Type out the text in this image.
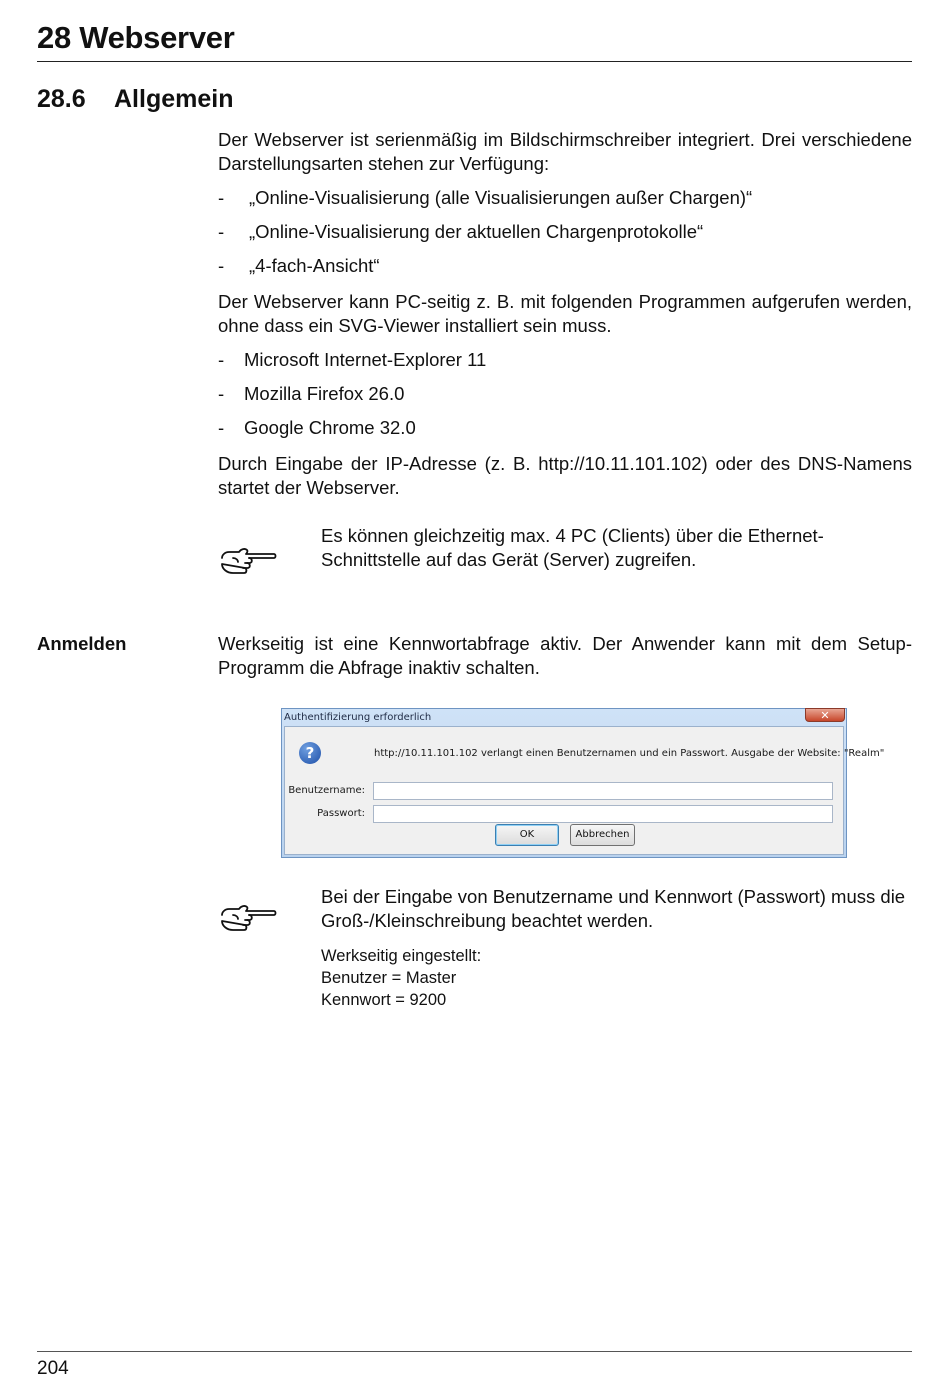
28 Webserver
28.6 Allgemein

Der Webserver ist serienmäßig im Bildschirmschreiber integriert. Drei verschiedene Darstellungsarten stehen zur Verfügung:

- „Online-Visualisierung (alle Visualisierungen außer Chargen)“
- „Online-Visualisierung der aktuellen Chargenprotokolle“
- „4-fach-Ansicht“

Der Webserver kann PC-seitig z. B. mit folgenden Programmen aufgerufen werden, ohne dass ein SVG-Viewer installiert sein muss.

- Microsoft Internet-Explorer 11
- Mozilla Firefox 26.0
- Google Chrome 32.0

Durch Eingabe der IP-Adresse (z. B. http://10.11.101.102) oder des DNS-Namens startet der Webserver.

Es können gleichzeitig max. 4 PC (Clients) über die Ethernet-Schnittstelle auf das Gerät (Server) zugreifen.

Anmelden	Werkseitig ist eine Kennwortabfrage aktiv. Der Anwender kann mit dem Setup-Programm die Abfrage inaktiv schalten.

Authentifizierung erforderlich	✕
?	http://10.11.101.102 verlangt einen Benutzernamen und ein Passwort. Ausgabe der Website: "Realm"
Benutzername:
Passwort:
OK	Abbrechen

Bei der Eingabe von Benutzername und Kennwort (Passwort) muss die Groß-/Kleinschreibung beachtet werden.

Werkseitig eingestellt:

Benutzer = Master

Kennwort = 9200

204
